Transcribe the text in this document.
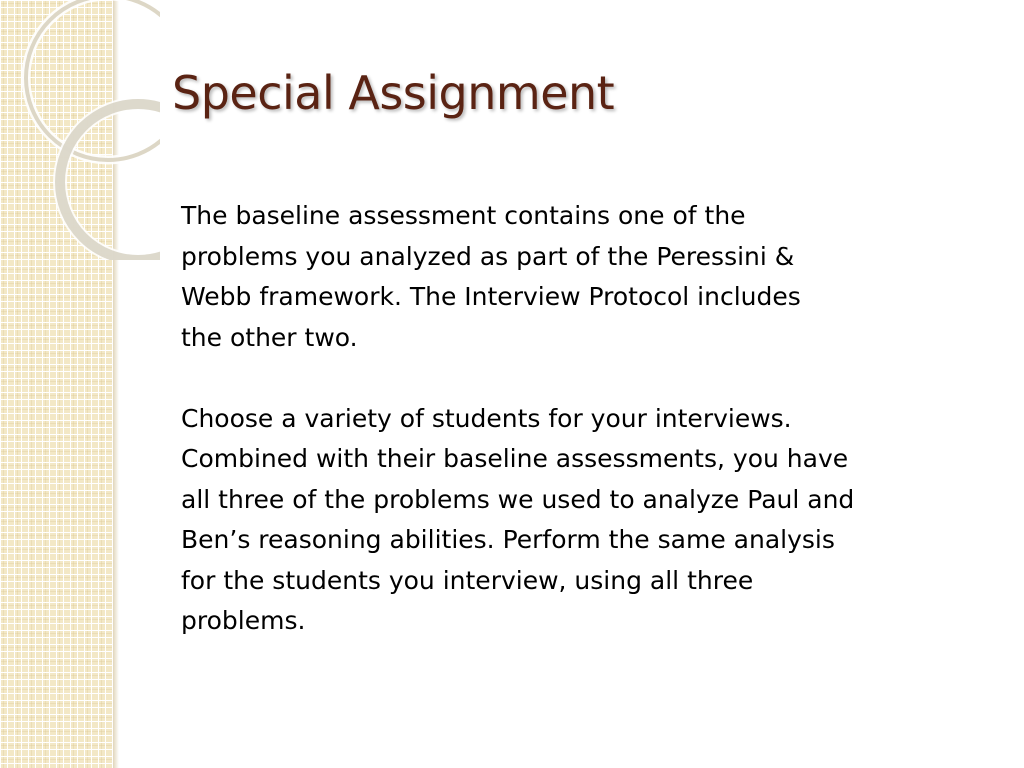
Special Assignment

The baseline assessment contains one of the
problems you analyzed as part of the Peressini &
Webb framework. The Interview Protocol includes
the other two.

Choose a variety of students for your interviews.
Combined with their baseline assessments, you have
all three of the problems we used to analyze Paul and
Ben’s reasoning abilities. Perform the same analysis
for the students you interview, using all three
problems.
